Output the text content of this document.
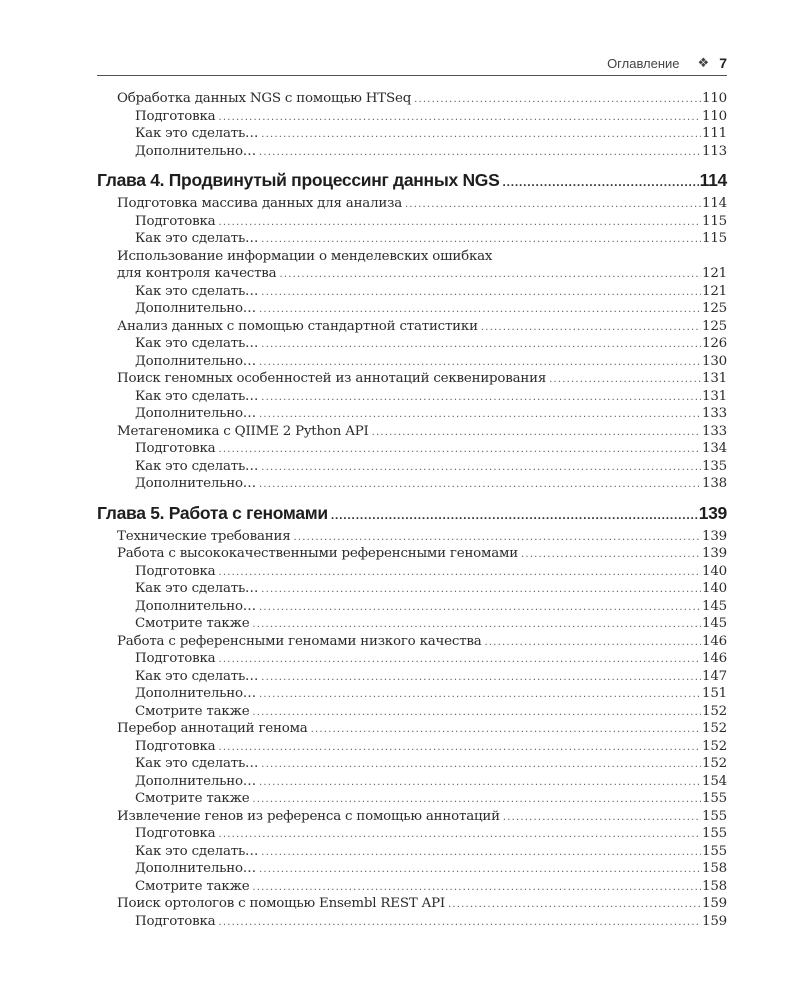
Оглавление ❖ 7
Обработка данных NGS с помощью HTSeq .....	110
Подготовка .....	110
Как это сделать… .....	111
Дополнительно… .....	113
Глава 4. Продвинутый процессинг данных NGS .....	114
Подготовка массива данных для анализа .....	114
Подготовка .....	115
Как это сделать… .....	115
Использование информации о менделевских ошибках
для контроля качества .....	121
Как это сделать… .....	121
Дополнительно… .....	125
Анализ данных с помощью стандартной статистики .....	125
Как это сделать… .....	126
Дополнительно… .....	130
Поиск геномных особенностей из аннотаций секвенирования .....	131
Как это сделать… .....	131
Дополнительно… .....	133
Метагеномика с QIIME 2 Python API .....	133
Подготовка .....	134
Как это сделать… .....	135
Дополнительно… .....	138
Глава 5. Работа с геномами .....	139
Технические требования .....	139
Работа с высококачественными референсными геномами .....	139
Подготовка .....	140
Как это сделать… .....	140
Дополнительно… .....	145
Смотрите также .....	145
Работа с референсными геномами низкого качества .....	146
Подготовка .....	146
Как это сделать… .....	147
Дополнительно… .....	151
Смотрите также .....	152
Перебор аннотаций генома .....	152
Подготовка .....	152
Как это сделать… .....	152
Дополнительно… .....	154
Смотрите также .....	155
Извлечение генов из референса с помощью аннотаций .....	155
Подготовка .....	155
Как это сделать… .....	155
Дополнительно… .....	158
Смотрите также .....	158
Поиск ортологов с помощью Ensembl REST API .....	159
Подготовка .....	159
